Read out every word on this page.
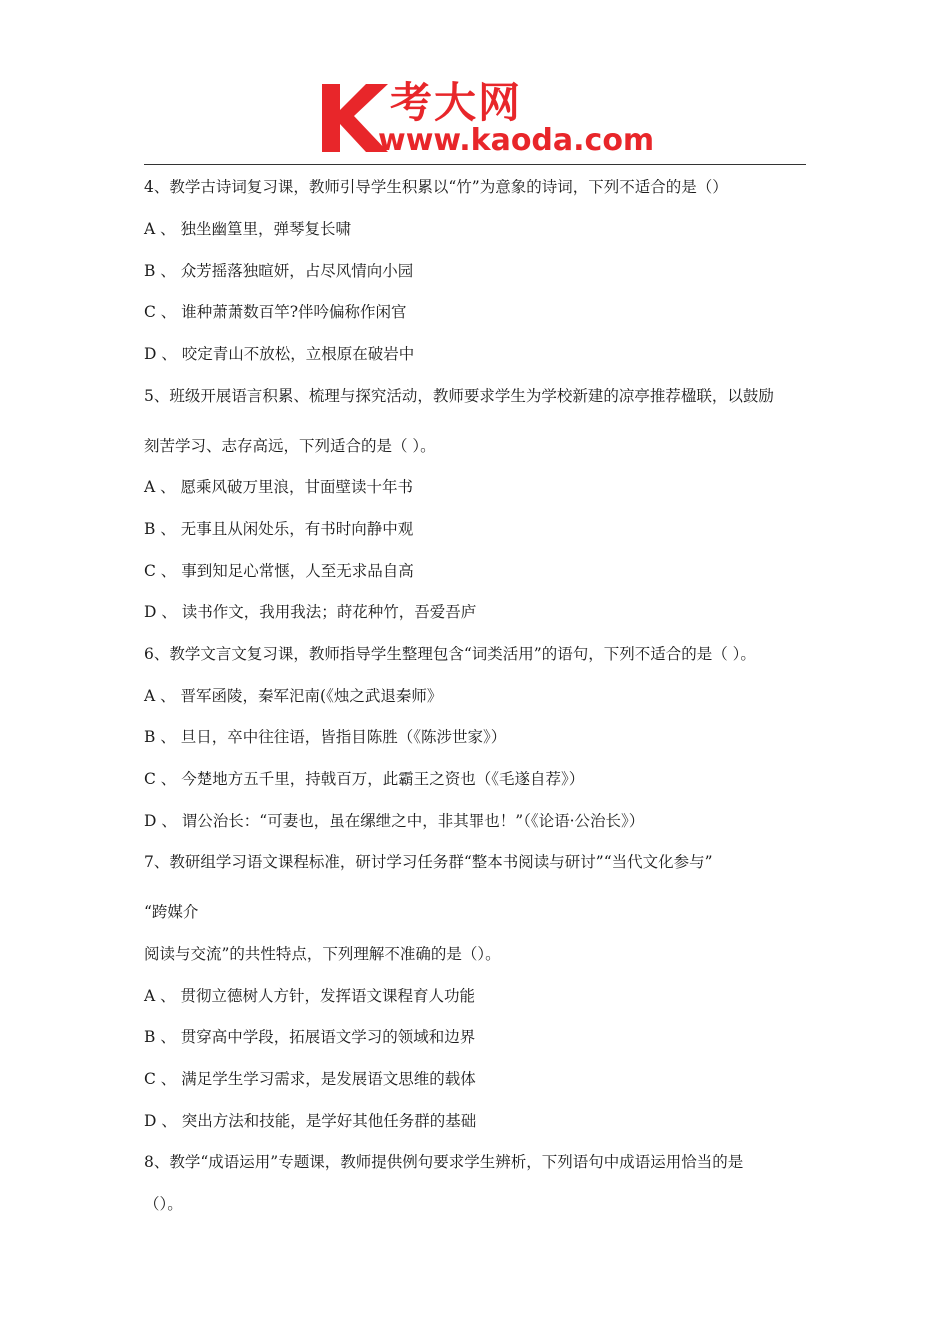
考大网
www.kaoda.com
4、教学古诗词复习课，教师引导学生积累以“竹”为意象的诗词，下列不适合的是（）
A 、 独坐幽篁里，弹琴复长啸
B 、 众芳摇落独暄妍，占尽风情向小园
C 、 谁种萧萧数百竿?伴吟偏称作闲官
D 、 咬定青山不放松，立根原在破岩中
5、班级开展语言积累、梳理与探究活动，教师要求学生为学校新建的凉亭推荐楹联，以鼓励
刻苦学习、志存高远，下列适合的是（ ）。
A 、 愿乘风破万里浪，甘面壁读十年书
B 、 无事且从闲处乐，有书时向静中观
C 、 事到知足心常惬，人至无求品自高
D 、 读书作文，我用我法；莳花种竹，吾爱吾庐
6、教学文言文复习课，教师指导学生整理包含“词类活用”的语句，下列不适合的是（ ）。
A 、 晋军函陵，秦军汜南(《烛之武退秦师》
B 、 旦日，卒中往往语，皆指目陈胜（《陈涉世家》）
C 、 今楚地方五千里，持戟百万，此霸王之资也（《毛遂自荐》）
D 、 谓公治长：“可妻也，虽在缧绁之中，非其罪也！”（《论语·公治长》）
7、教研组学习语文课程标准，研讨学习任务群“整本书阅读与研讨”“当代文化参与”
“跨媒介
阅读与交流”的共性特点，下列理解不准确的是（）。
A 、 贯彻立德树人方针，发挥语文课程育人功能
B 、 贯穿高中学段，拓展语文学习的领域和边界
C 、 满足学生学习需求，是发展语文思维的载体
D 、 突出方法和技能，是学好其他任务群的基础
8、教学“成语运用”专题课，教师提供例句要求学生辨析，下列语句中成语运用恰当的是
（）。
